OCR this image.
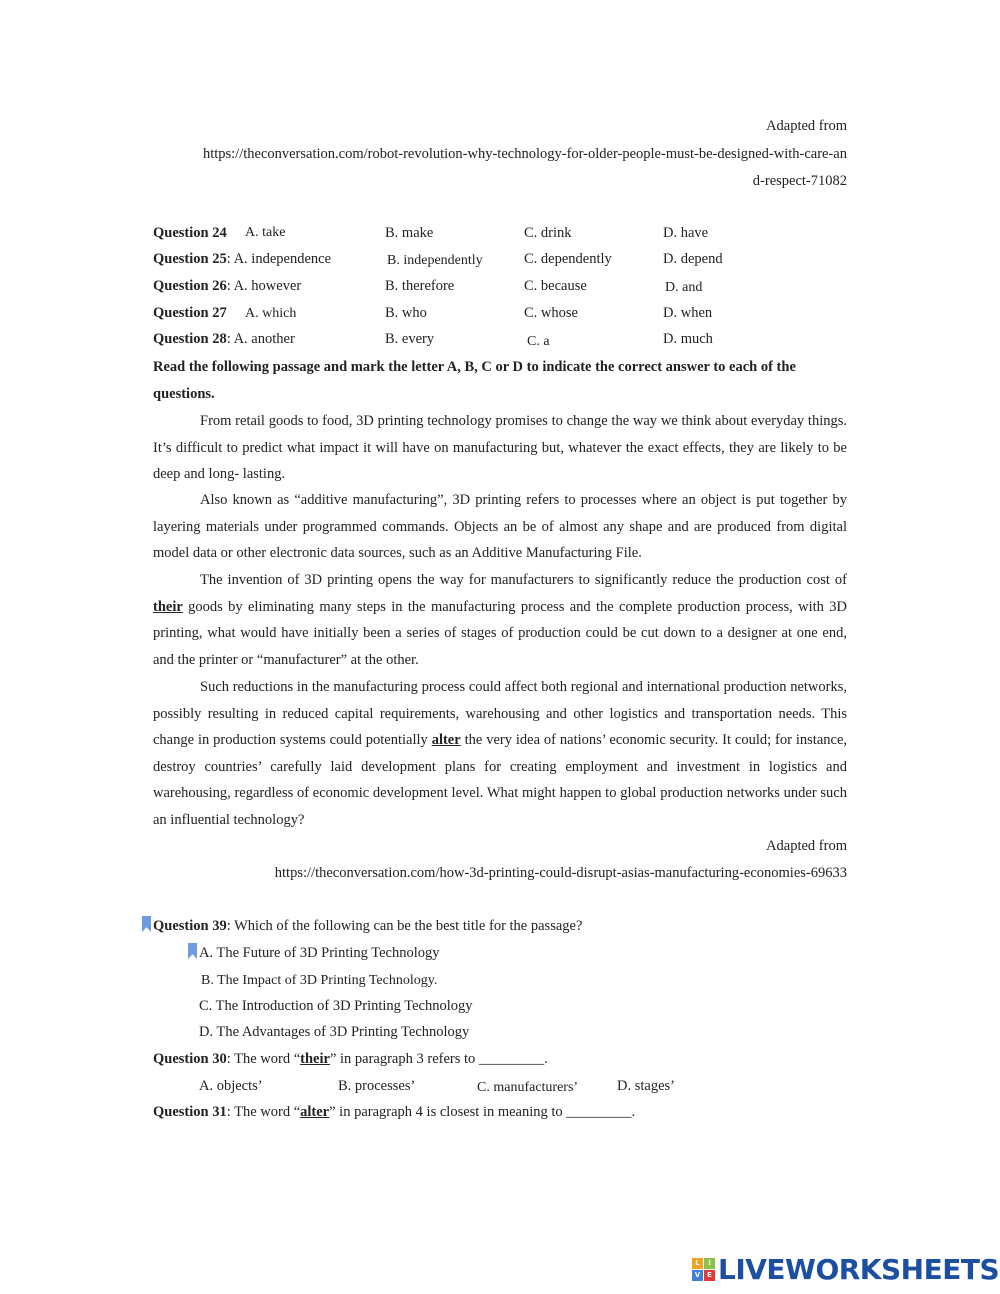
Adapted from
https://theconversation.com/robot-revolution-why-technology-for-older-people-must-be-designed-with-care-an
d-respect-71082
Question 24 A. take	B. make	C. drink	D. have
Question 25: A. independence	B. independently	C. dependently	D. depend
Question 26: A. however	B. therefore	C. because	D. and
Question 27 A. which	B. who	C. whose	D. when
Question 28: A. another	B. every	C. a	D. much
Read the following passage and mark the letter A, B, C or D to indicate the correct answer to each of the questions.
From retail goods to food, 3D printing technology promises to change the way we think about everyday things. It’s difficult to predict what impact it will have on manufacturing but, whatever the exact effects, they are likely to be deep and long- lasting.
Also known as “additive manufacturing”, 3D printing refers to processes where an object is put together by layering materials under programmed commands. Objects an be of almost any shape and are produced from digital model data or other electronic data sources, such as an Additive Manufacturing File.
The invention of 3D printing opens the way for manufacturers to significantly reduce the production cost of their goods by eliminating many steps in the manufacturing process and the complete production process, with 3D printing, what would have initially been a series of stages of production could be cut down to a designer at one end, and the printer or “manufacturer” at the other.
Such reductions in the manufacturing process could affect both regional and international production networks, possibly resulting in reduced capital requirements, warehousing and other logistics and transportation needs. This change in production systems could potentially alter the very idea of nations’ economic security. It could; for instance, destroy countries’ carefully laid development plans for creating employment and investment in logistics and warehousing, regardless of economic development level. What might happen to global production networks under such an influential technology?
Adapted from
https://theconversation.com/how-3d-printing-could-disrupt-asias-manufacturing-economies-69633
Question 39: Which of the following can be the best title for the passage?
A. The Future of 3D Printing Technology
B. The Impact of 3D Printing Technology.
C. The Introduction of 3D Printing Technology
D. The Advantages of 3D Printing Technology
Question 30: The word “their” in paragraph 3 refers to _________.
A. objects’	B. processes’	C. manufacturers’	D. stages’
Question 31: The word “alter” in paragraph 4 is closest in meaning to _________.
L	I
V E LIVEWORKSHEETS
